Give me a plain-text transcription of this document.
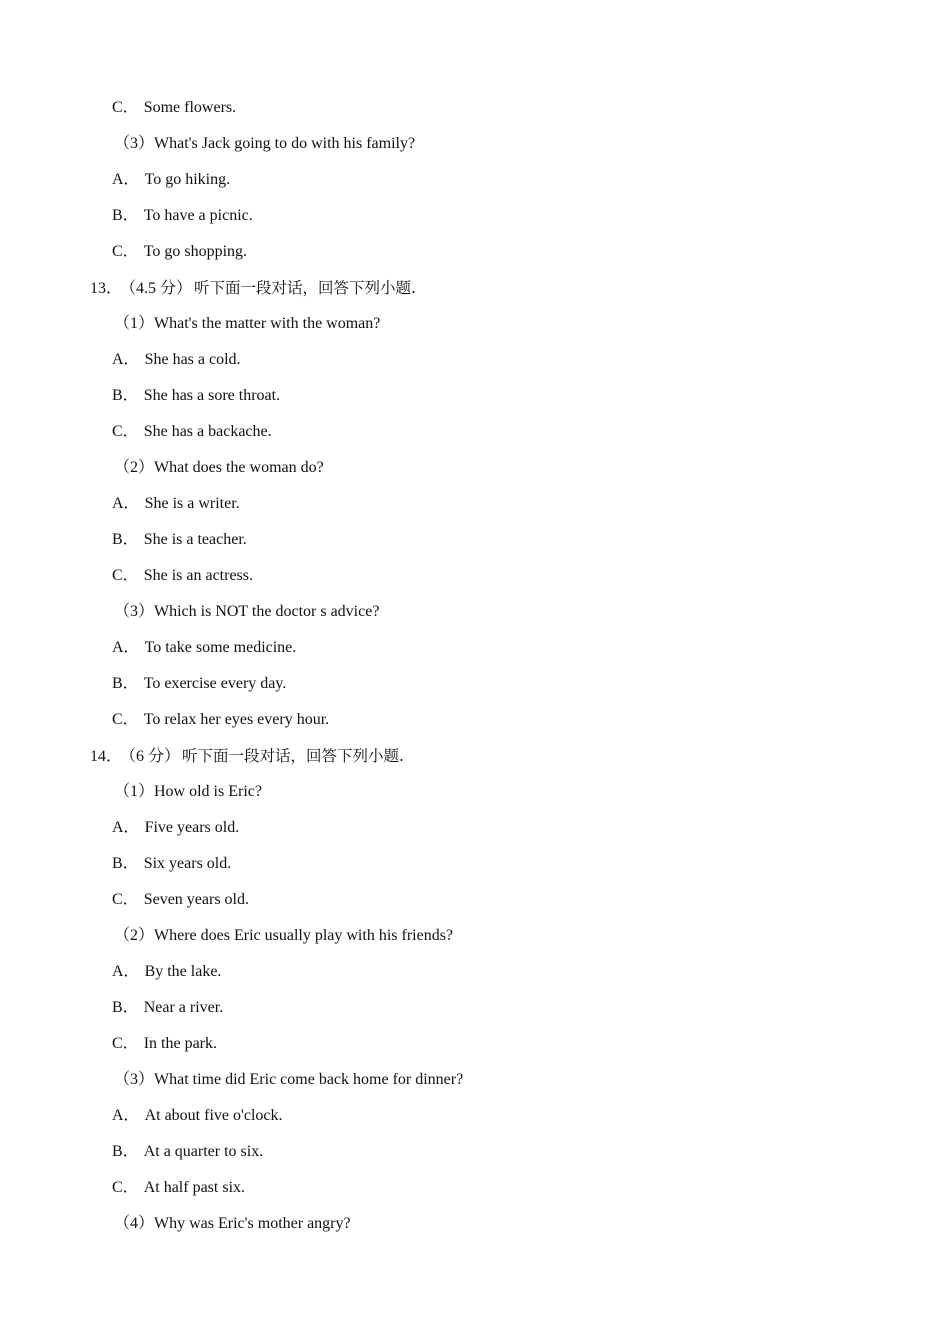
C． Some flowers.
（3）What's Jack going to do with his family?
A． To go hiking.
B． To have a picnic.
C． To go shopping.
13． （4.5 分） 听下面一段对话，回答下列小题.
（1）What's the matter with the woman?
A． She has a cold.
B． She has a sore throat.
C． She has a backache.
（2）What does the woman do?
A． She is a writer.
B． She is a teacher.
C． She is an actress.
（3）Which is NOT the doctor s advice?
A． To take some medicine.
B． To exercise every day.
C． To relax her eyes every hour.
14． （6 分） 听下面一段对话，回答下列小题.
（1）How old is Eric?
A． Five years old.
B． Six years old.
C． Seven years old.
（2）Where does Eric usually play with his friends?
A． By the lake.
B． Near a river.
C． In the park.
（3）What time did Eric come back home for dinner?
A． At about five o'clock.
B． At a quarter to six.
C． At half past six.
（4）Why was Eric's mother angry?
